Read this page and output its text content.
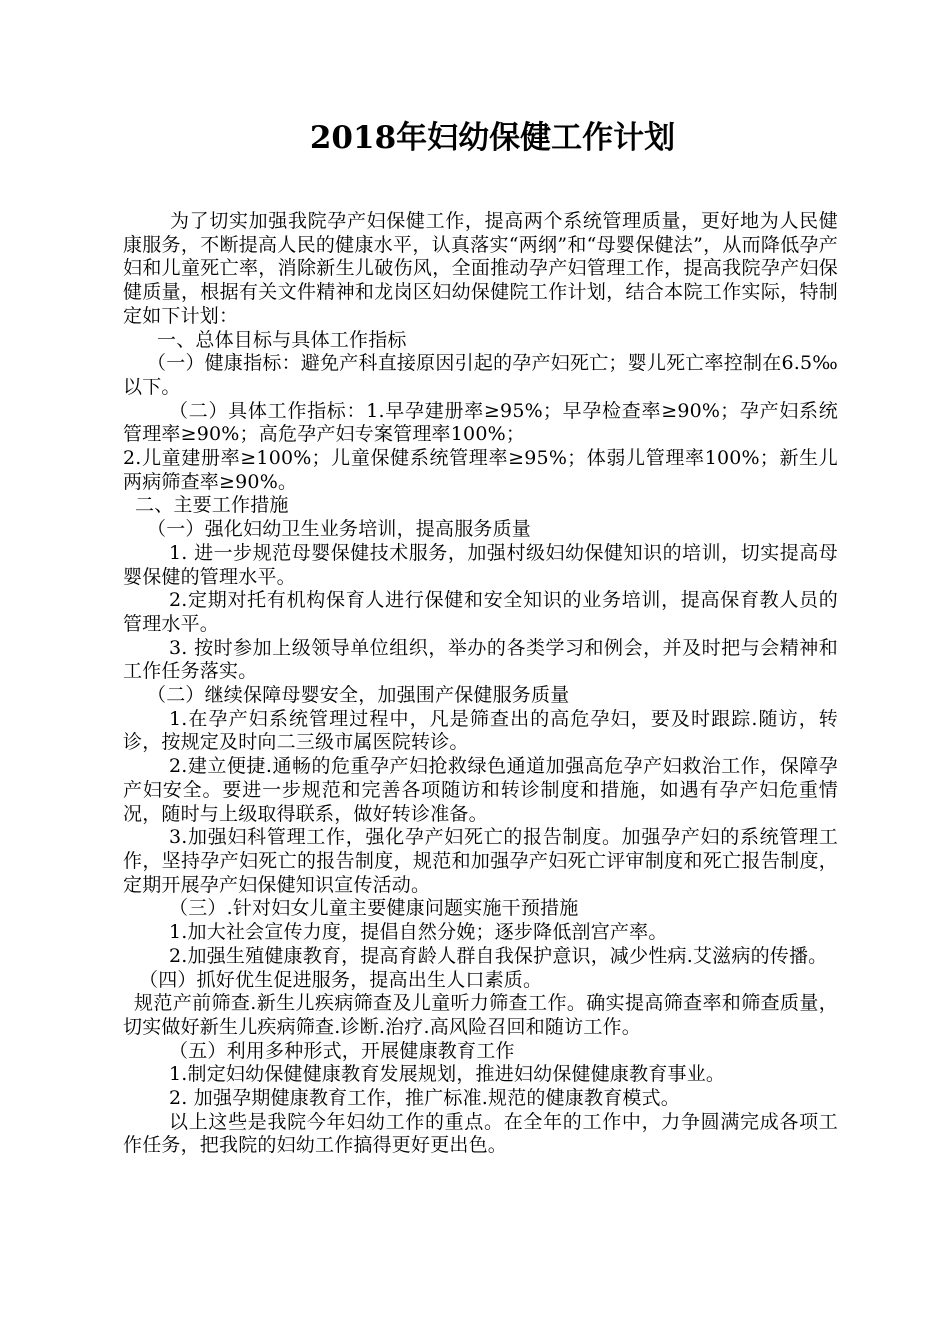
2018年妇幼保健工作计划

为了切实加强我院孕产妇保健工作，提高两个系统管理质量，更好地为人民健康服务，不断提高人民的健康水平，认真落实“两纲”和“母婴保健法”，从而降低孕产妇和儿童死亡率，消除新生儿破伤风，全面推动孕产妇管理工作，提高我院孕产妇保健质量，根据有关文件精神和龙岗区妇幼保健院工作计划，结合本院工作实际，特制定如下计划：

一、总体目标与具体工作指标

（一）健康指标：避免产科直接原因引起的孕产妇死亡；婴儿死亡率控制在6.5‰以下。

（二）具体工作指标：1.早孕建册率≥95%；早孕检查率≥90%；孕产妇系统管理率≥90%；高危孕产妇专案管理率100%；

2.儿童建册率≥100%；儿童保健系统管理率≥95%；体弱儿管理率100%；新生儿两病筛查率≥90%。

二、主要工作措施

（一）强化妇幼卫生业务培训，提高服务质量

1. 进一步规范母婴保健技术服务，加强村级妇幼保健知识的培训，切实提高母婴保健的管理水平。

2.定期对托有机构保育人进行保健和安全知识的业务培训，提高保育教人员的管理水平。

3. 按时参加上级领导单位组织，举办的各类学习和例会，并及时把与会精神和工作任务落实。

（二）继续保障母婴安全，加强围产保健服务质量

1.在孕产妇系统管理过程中，凡是筛查出的高危孕妇，要及时跟踪.随访，转诊，按规定及时向二三级市属医院转诊。

2.建立便捷.通畅的危重孕产妇抢救绿色通道加强高危孕产妇救治工作，保障孕产妇安全。要进一步规范和完善各项随访和转诊制度和措施，如遇有孕产妇危重情况，随时与上级取得联系，做好转诊准备。

3.加强妇科管理工作，强化孕产妇死亡的报告制度。加强孕产妇的系统管理工作，坚持孕产妇死亡的报告制度，规范和加强孕产妇死亡评审制度和死亡报告制度，定期开展孕产妇保健知识宣传活动。

（三）.针对妇女儿童主要健康问题实施干预措施

1.加大社会宣传力度，提倡自然分娩；逐步降低剖宫产率。

2.加强生殖健康教育，提高育龄人群自我保护意识，减少性病.艾滋病的传播。

（四）抓好优生促进服务，提高出生人口素质。

规范产前筛查.新生儿疾病筛查及儿童听力筛查工作。确实提高筛查率和筛查质量，切实做好新生儿疾病筛查.诊断.治疗.高风险召回和随访工作。

（五）利用多种形式，开展健康教育工作

1.制定妇幼保健健康教育发展规划，推进妇幼保健健康教育事业。

2. 加强孕期健康教育工作，推广标准.规范的健康教育模式。

以上这些是我院今年妇幼工作的重点。在全年的工作中，力争圆满完成各项工作任务，把我院的妇幼工作搞得更好更出色。
